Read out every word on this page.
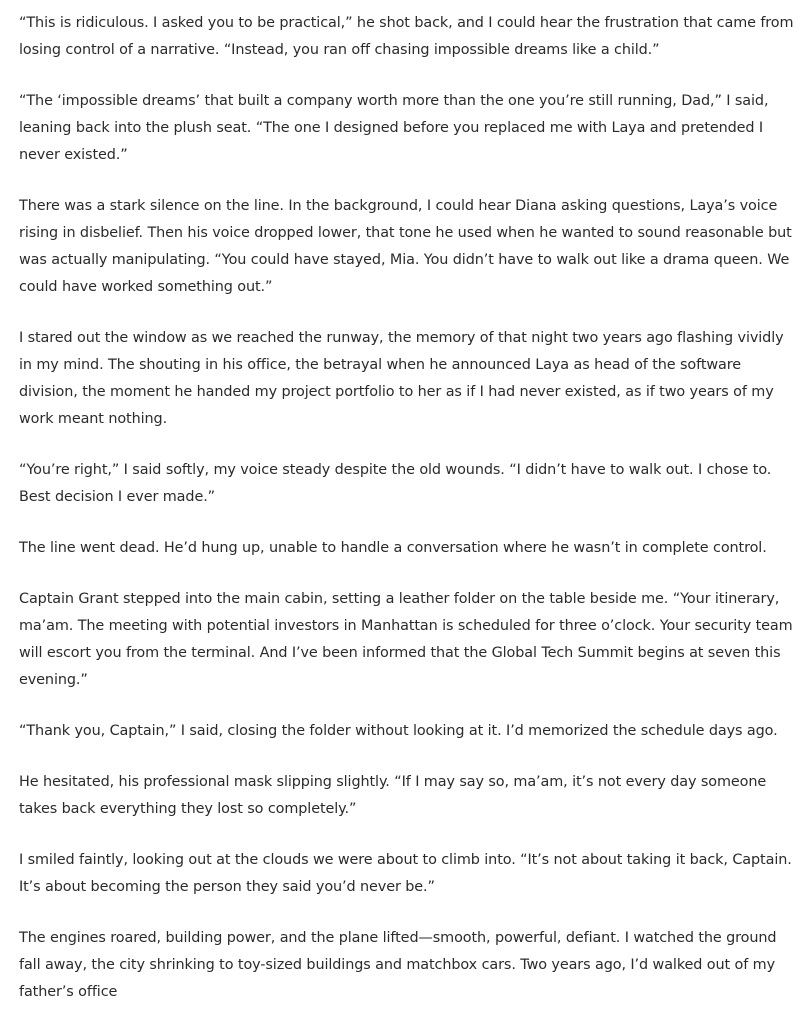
“This is ridiculous. I asked you to be practical,” he shot back, and I could hear the frustration that came from losing control of a narrative. “Instead, you ran off chasing impossible dreams like a child.”

“The ‘impossible dreams’ that built a company worth more than the one you’re still running, Dad,” I said, leaning back into the plush seat. “The one I designed before you replaced me with Laya and pretended I never existed.”

There was a stark silence on the line. In the background, I could hear Diana asking questions, Laya’s voice rising in disbelief. Then his voice dropped lower, that tone he used when he wanted to sound reasonable but was actually manipulating. “You could have stayed, Mia. You didn’t have to walk out like a drama queen. We could have worked something out.”

I stared out the window as we reached the runway, the memory of that night two years ago flashing vividly in my mind. The shouting in his office, the betrayal when he announced Laya as head of the software division, the moment he handed my project portfolio to her as if I had never existed, as if two years of my work meant nothing.

“You’re right,” I said softly, my voice steady despite the old wounds. “I didn’t have to walk out. I chose to. Best decision I ever made.”

The line went dead. He’d hung up, unable to handle a conversation where he wasn’t in complete control.

Captain Grant stepped into the main cabin, setting a leather folder on the table beside me. “Your itinerary, ma’am. The meeting with potential investors in Manhattan is scheduled for three o’clock. Your security team will escort you from the terminal. And I’ve been informed that the Global Tech Summit begins at seven this evening.”

“Thank you, Captain,” I said, closing the folder without looking at it. I’d memorized the schedule days ago.

He hesitated, his professional mask slipping slightly. “If I may say so, ma’am, it’s not every day someone takes back everything they lost so completely.”

I smiled faintly, looking out at the clouds we were about to climb into. “It’s not about taking it back, Captain. It’s about becoming the person they said you’d never be.”

The engines roared, building power, and the plane lifted—smooth, powerful, defiant. I watched the ground fall away, the city shrinking to toy-sized buildings and matchbox cars. Two years ago, I’d walked out of my father’s office
